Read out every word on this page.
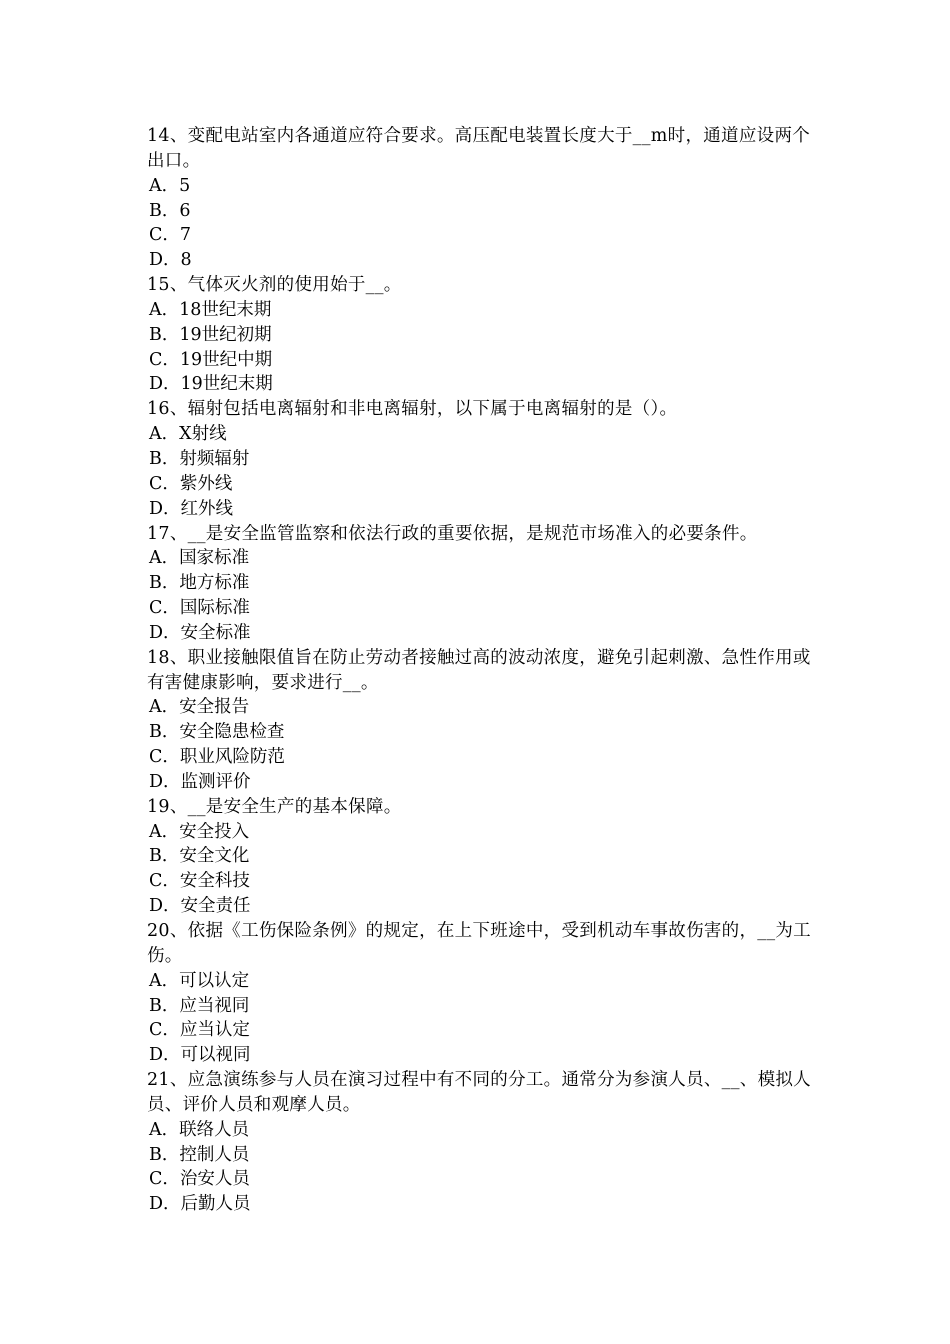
14、变配电站室内各通道应符合要求。高压配电装置长度大于__m时，通道应设两个出口。
A．5
B．6
C．7
D．8
15、气体灭火剂的使用始于__。
A．18世纪末期
B．19世纪初期
C．19世纪中期
D．19世纪末期
16、辐射包括电离辐射和非电离辐射，以下属于电离辐射的是（）。
A．X射线
B．射频辐射
C．紫外线
D．红外线
17、__是安全监管监察和依法行政的重要依据，是规范市场准入的必要条件。
A．国家标准
B．地方标准
C．国际标准
D．安全标准
18、职业接触限值旨在防止劳动者接触过高的波动浓度，避免引起刺激、急性作用或有害健康影响，要求进行__。
A．安全报告
B．安全隐患检查
C．职业风险防范
D．监测评价
19、__是安全生产的基本保障。
A．安全投入
B．安全文化
C．安全科技
D．安全责任
20、依据《工伤保险条例》的规定，在上下班途中，受到机动车事故伤害的，__为工伤。
A．可以认定
B．应当视同
C．应当认定
D．可以视同
21、应急演练参与人员在演习过程中有不同的分工。通常分为参演人员、__、模拟人员、评价人员和观摩人员。
A．联络人员
B．控制人员
C．治安人员
D．后勤人员
